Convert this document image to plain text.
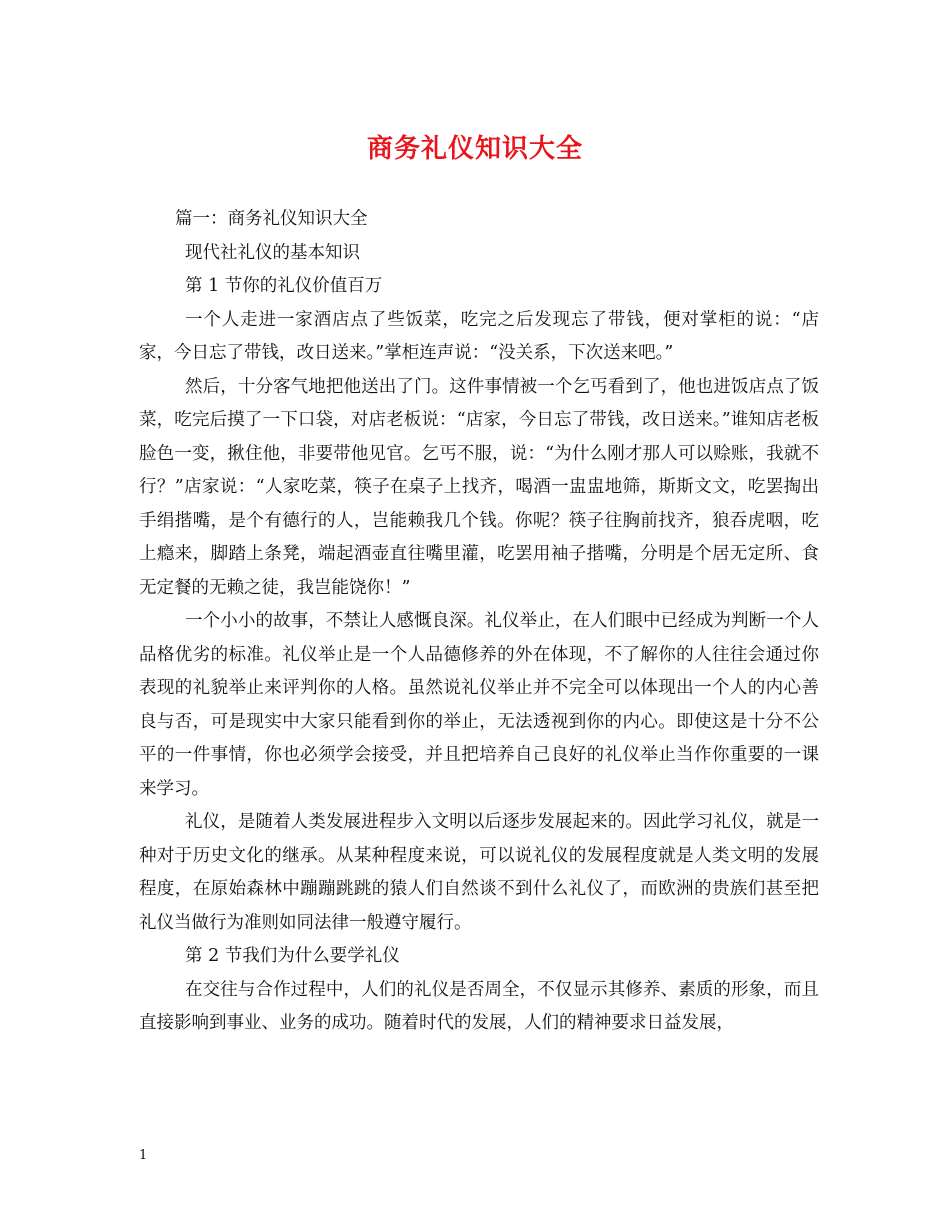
商务礼仪知识大全

篇一：商务礼仪知识大全

现代社礼仪的基本知识

第 1 节你的礼仪价值百万

一个人走进一家酒店点了些饭菜，吃完之后发现忘了带钱，便对掌柜的说：“店家，今日忘了带钱，改日送来。”掌柜连声说：“没关系，下次送来吧。”

然后，十分客气地把他送出了门。这件事情被一个乞丐看到了，他也进饭店点了饭菜，吃完后摸了一下口袋，对店老板说：“店家，今日忘了带钱，改日送来。”谁知店老板脸色一变，揪住他，非要带他见官。乞丐不服，说：“为什么刚才那人可以赊账，我就不行？”店家说：“人家吃菜，筷子在桌子上找齐，喝酒一盅盅地筛，斯斯文文，吃罢掏出手绢揩嘴，是个有德行的人，岂能赖我几个钱。你呢？筷子往胸前找齐，狼吞虎咽，吃上瘾来，脚踏上条凳，端起酒壶直往嘴里灌，吃罢用袖子揩嘴，分明是个居无定所、食无定餐的无赖之徒，我岂能饶你！”

一个小小的故事，不禁让人感慨良深。礼仪举止，在人们眼中已经成为判断一个人品格优劣的标准。礼仪举止是一个人品德修养的外在体现，不了解你的人往往会通过你表现的礼貌举止来评判你的人格。虽然说礼仪举止并不完全可以体现出一个人的内心善良与否，可是现实中大家只能看到你的举止，无法透视到你的内心。即使这是十分不公平的一件事情，你也必须学会接受，并且把培养自己良好的礼仪举止当作你重要的一课来学习。

礼仪，是随着人类发展进程步入文明以后逐步发展起来的。因此学习礼仪，就是一种对于历史文化的继承。从某种程度来说，可以说礼仪的发展程度就是人类文明的发展程度，在原始森林中蹦蹦跳跳的猿人们自然谈不到什么礼仪了，而欧洲的贵族们甚至把礼仪当做行为准则如同法律一般遵守履行。

第 2 节我们为什么要学礼仪

在交往与合作过程中，人们的礼仪是否周全，不仅显示其修养、素质的形象，而且直接影响到事业、业务的成功。随着时代的发展，人们的精神要求日益发展，

1
